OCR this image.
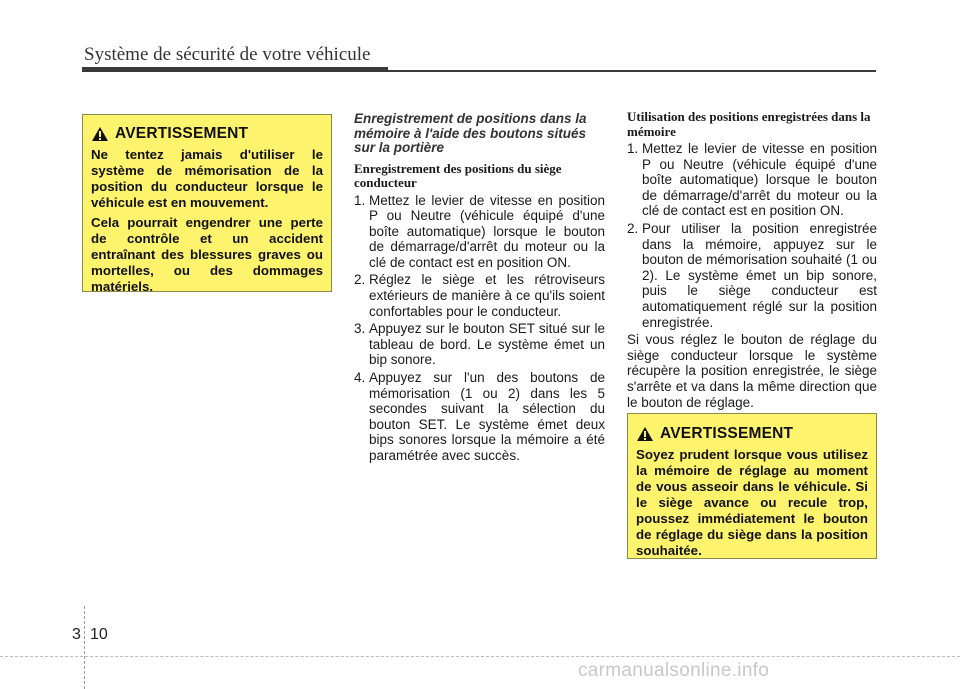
Système de sécurité de votre véhicule
AVERTISSEMENT

Ne tentez jamais d'utiliser le système de mémorisation de la position du conducteur lorsque le véhicule est en mouvement.

Cela pourrait engendrer une perte de contrôle et un accident entraînant des blessures graves ou mortelles, ou des dommages matériels.

Enregistrement de positions dans la mémoire à l'aide des boutons situés sur la portière
Enregistrement des positions du siège conducteur
1. Mettez le levier de vitesse en position P ou Neutre (véhicule équipé d'une boîte automatique) lorsque le bouton de démarrage/d'arrêt du moteur ou la clé de contact est en position ON.
2. Réglez le siège et les rétroviseurs extérieurs de manière à ce qu'ils soient confortables pour le conducteur.
3. Appuyez sur le bouton SET situé sur le tableau de bord. Le système émet un bip sonore.
4. Appuyez sur l'un des boutons de mémorisation (1 ou 2) dans les 5 secondes suivant la sélection du bouton SET. Le système émet deux bips sonores lorsque la mémoire a été paramétrée avec succès.
Utilisation des positions enregistrées dans la mémoire
1. Mettez le levier de vitesse en position P ou Neutre (véhicule équipé d'une boîte automatique) lorsque le bouton de démarrage/d'arrêt du moteur ou la clé de contact est en position ON.
2. Pour utiliser la position enregistrée dans la mémoire, appuyez sur le bouton de mémorisation souhaité (1 ou 2). Le système émet un bip sonore, puis le siège conducteur est automatiquement réglé sur la position enregistrée.

Si vous réglez le bouton de réglage du siège conducteur lorsque le système récupère la position enregistrée, le siège s'arrête et va dans la même direction que le bouton de réglage.

AVERTISSEMENT

Soyez prudent lorsque vous utilisez la mémoire de réglage au moment de vous asseoir dans le véhicule. Si le siège avance ou recule trop, poussez immédiatement le bouton de réglage du siège dans la position souhaitée.

3 10
carmanualsonline.info
